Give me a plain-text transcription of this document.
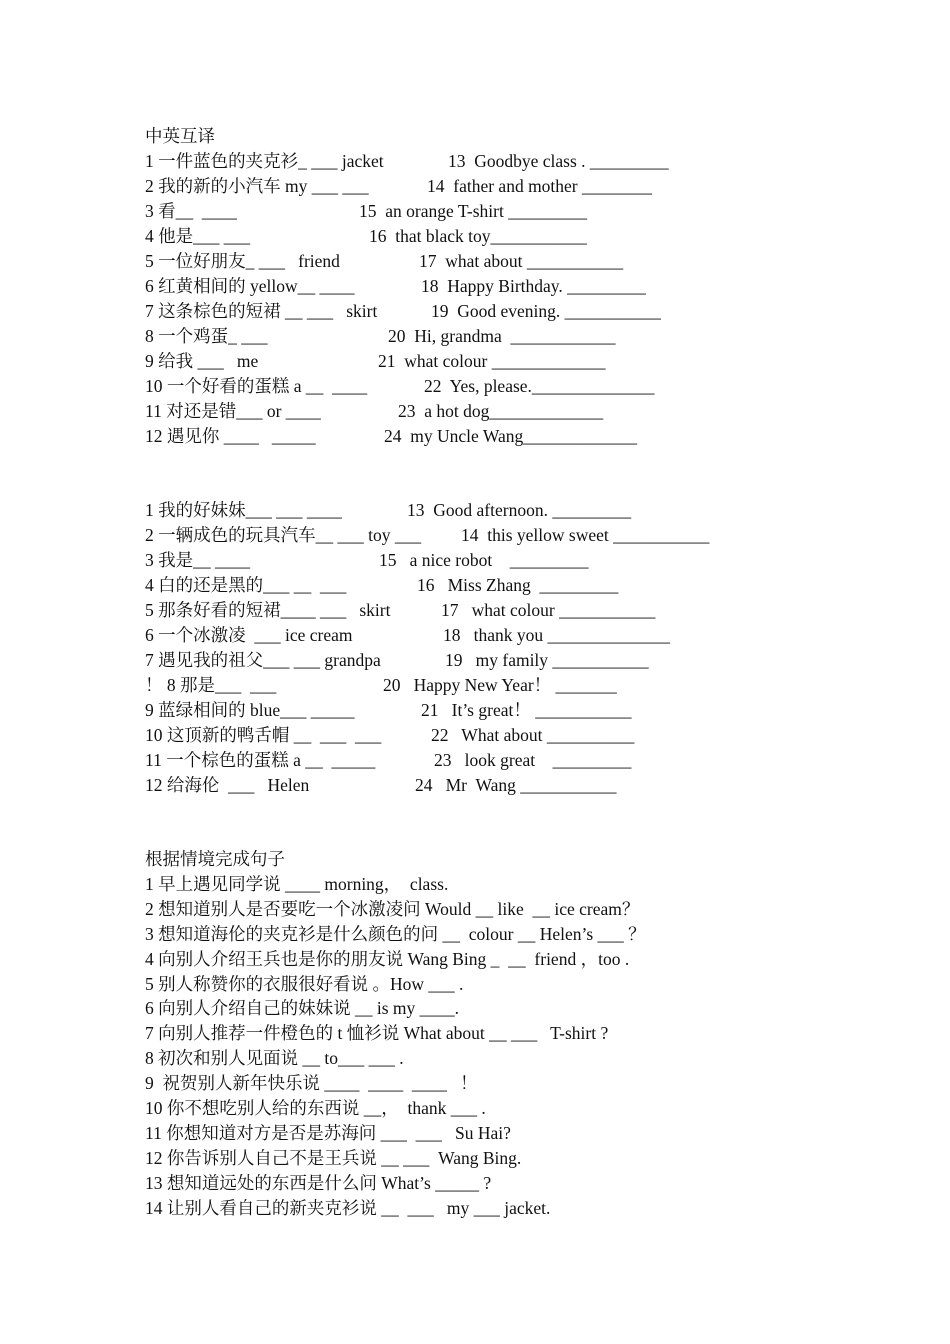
中英互译
1 一件蓝色的夹克衫_ ___ jacket	13  Goodbye class . _________
2 我的新的小汽车 my ___ ___	14  father and mother ________
3 看__  ____	15  an orange T-shirt _________
4 他是___ ___	16  that black toy___________
5 一位好朋友_ ___   friend	17  what about ___________
6 红黄相间的 yellow__ ____	18  Happy Birthday. _________
7 这条棕色的短裙 __ ___   skirt	19  Good evening. ___________
8 一个鸡蛋_ ___	20  Hi, grandma  ____________
9 给我 ___   me	21  what colour _____________
10 一个好看的蛋糕 a __  ____	22  Yes, please.______________
11 对还是错___ or ____	23  a hot dog_____________
12 遇见你 ____   _____	24  my Uncle Wang_____________
1 我的好妹妹___ ___ ____	13  Good afternoon. _________
2 一辆成色的玩具汽车__ ___ toy ___ 14  this yellow sweet ___________
3 我是__ ____	15   a nice robot    _________
4 白的还是黑的___ __  ___	16   Miss Zhang  _________
5 那条好看的短裙____ ___   skirt	17   what colour ___________
6 一个冰激凌  ___ ice cream	18   thank you ______________
7 遇见我的祖父___ ___ grandpa	19   my family ___________
！ 8 那是___  ___	20   Happy New Year！ _______
9 蓝绿相间的 blue___ _____	21   It’s great！ ___________
10 这顶新的鸭舌帽 __  ___  ___	22   What about __________
11 一个棕色的蛋糕 a __  _____	23   look great    _________
12 给海伦  ___   Helen	24   Mr  Wang ___________
根据情境完成句子
1 早上遇见同学说 ____ morning，  class.
2 想知道别人是否要吃一个冰激凌问 Would __ like  __ ice cream？
3 想知道海伦的夹克衫是什么颜色的问 __  colour __ Helen’s ___ ？
4 向别人介绍王兵也是你的朋友说 Wang Bing _  __  friend ，too .
5 别人称赞你的衣服很好看说 。How ___ .
6 向别人介绍自己的妹妹说 __ is my ____.
7 向别人推荐一件橙色的 t 恤衫说 What about __ ___   T-shirt ?
8 初次和别人见面说 __ to___ ___ .
9  祝贺别人新年快乐说 ____  ____  ____   ！
10 你不想吃别人给的东西说 __，  thank ___ .
11 你想知道对方是否是苏海问 ___  ___   Su Hai?
12 你告诉别人自己不是王兵说 __ ___  Wang Bing.
13 想知道远处的东西是什么问 What’s _____ ?
14 让别人看自己的新夹克衫说 __  ___   my ___ jacket.
